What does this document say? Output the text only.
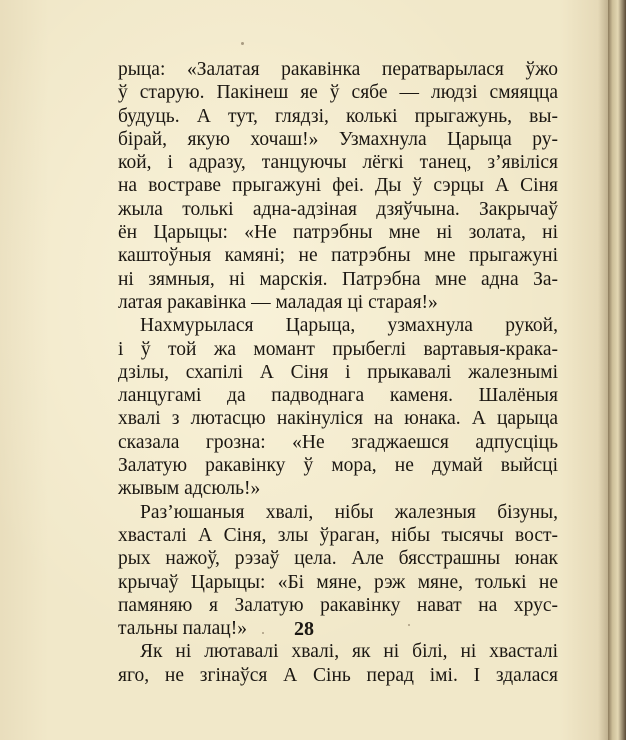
рыца: «Залатая ракавінка ператварылася ўжо
ў старую. Пакінеш яе ў сябе — людзі смяяцца
будуць. А тут, глядзі, колькі прыгажунь, вы-
бірай, якую хочаш!» Узмахнула Царыца ру-
кой, і адразу, танцуючы лёгкі танец, з’явіліся
на востраве прыгажуні феі. Ды ў сэрцы А Сіня
жыла толькі адна-адзіная дзяўчына. Закрычаў
ён Царыцы: «Не патрэбны мне ні золата, ні
каштоўныя камяні; не патрэбны мне прыгажуні
ні зямныя, ні марскія. Патрэбна мне адна За-
латая ракавінка — маладая ці старая!»
Нахмурылася Царыца, узмахнула рукой,
і ў той жа момант прыбеглі вартавыя-крака-
дзілы, схапілі А Сіня і прыкавалі жалезнымі
ланцугамі да падводнага каменя. Шалёныя
хвалі з лютасцю накінуліся на юнака. А царыца
сказала грозна: «Не згаджаешся адпусціць
Залатую ракавінку ў мора, не думай выйсці
жывым адсюль!»
Раз’юшаныя хвалі, нібы жалезныя бізуны,
хвасталі А Сіня, злы ўраган, нібы тысячы вост-
рых нажоў, рэзаў цела. Але бясстрашны юнак
крычаў Царыцы: «Бі мяне, рэж мяне, толькі не
памяняю я Залатую ракавінку нават на хрус-
тальны палац!»
Як ні лютавалі хвалі, як ні білі, ні хвасталі
яго, не згінаўся А Сінь перад імі. І здалася
28
